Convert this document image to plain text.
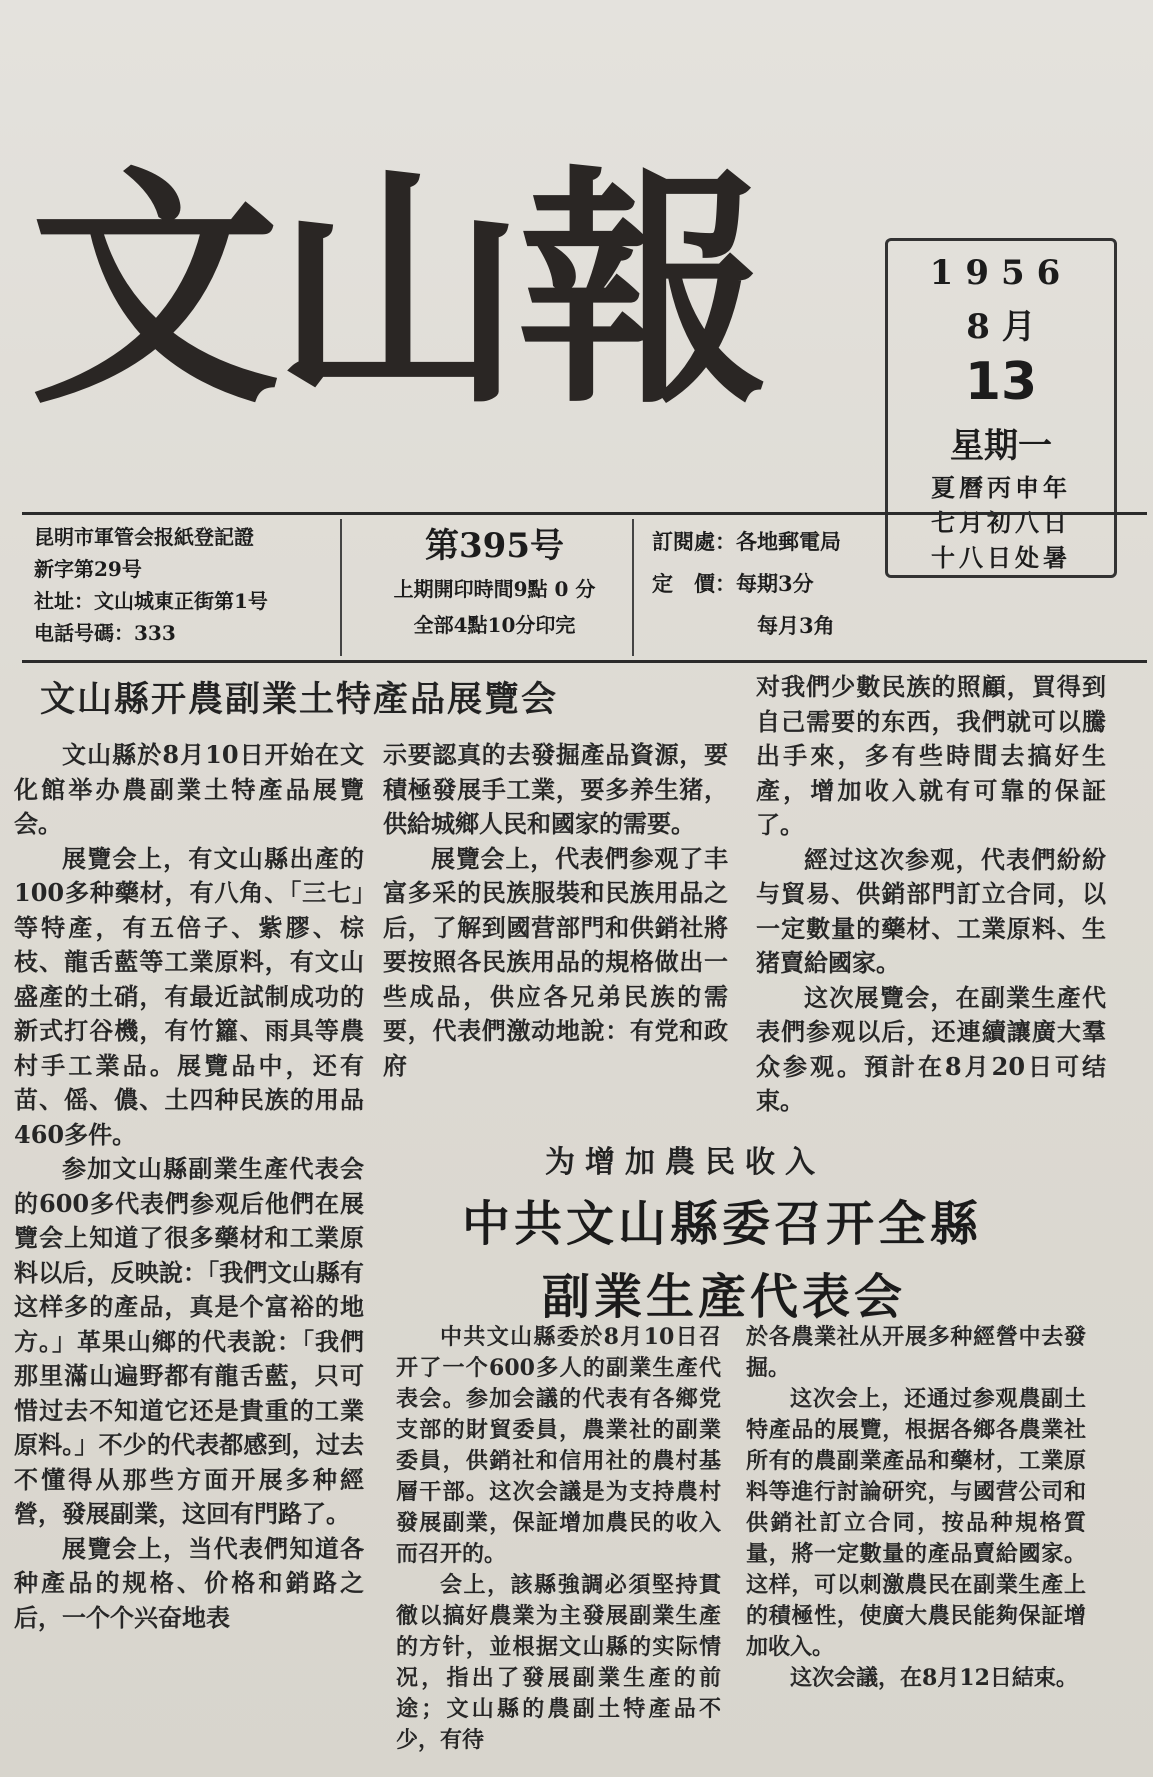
文山報	1956
8 月
13
星期一
夏曆丙申年
七月初八日
十八日处暑
昆明市軍管会报紙登記證
新字第29号
社址：文山城東正街第1号
电話号碼：333
第395号
上期開印時間9點 0 分
全部4點10分印完
訂閱處：各地郵電局
定　價：每期3分
每月3角
文山縣开農副業土特產品展覽会

文山縣於8月10日开始在文化館举办農副業土特產品展覽会。

展覽会上，有文山縣出產的100多种藥材，有八角、「三七」等特產，有五倍子、紫膠、棕枝、龍舌藍等工業原料，有文山盛產的土硝，有最近試制成功的新式打谷機，有竹籮、雨具等農村手工業品。展覽品中，还有苗、傜、儂、土四种民族的用品460多件。

参加文山縣副業生產代表会的600多代表們参观后他們在展覽会上知道了很多藥材和工業原料以后，反映說：「我們文山縣有这样多的產品，真是个富裕的地方。」革果山鄉的代表說：「我們那里滿山遍野都有龍舌藍，只可惜过去不知道它还是貴重的工業原料。」不少的代表都感到，过去不懂得从那些方面开展多种經營，發展副業，这回有門路了。

展覽会上，当代表們知道各种產品的规格、价格和銷路之后，一个个兴奋地表

示要認真的去發掘產品資源，要積極發展手工業，要多养生猪，供給城鄉人民和國家的需要。

展覽会上，代表們参观了丰富多采的民族服裝和民族用品之后，了解到國营部門和供銷社將要按照各民族用品的規格做出一些成品，供应各兄弟民族的需要，代表們激动地說：有党和政府

对我們少數民族的照顧，買得到自己需要的东西，我們就可以騰出手來，多有些時間去搞好生產，增加收入就有可靠的保証了。

經过这次参观，代表們紛紛与貿易、供銷部門訂立合同，以一定數量的藥材、工業原料、生猪賣給國家。

这次展覽会，在副業生產代表們参观以后，还連續讓廣大羣众参观。預計在8月20日可结束。

为增加農民收入
中共文山縣委召开全縣
副業生產代表会

中共文山縣委於8月10日召开了一个600多人的副業生產代表会。参加会議的代表有各鄉党支部的財貿委員，農業社的副業委員，供銷社和信用社的農村基層干部。这次会議是为支持農村發展副業，保証增加農民的收入而召开的。

会上，該縣強調必須堅持貫徹以搞好農業为主發展副業生產的方针，並根据文山縣的实际情况，指出了發展副業生產的前途；文山縣的農副土特產品不少，有待

於各農業社从开展多种經營中去發掘。

这次会上，还通过参观農副土特產品的展覽，根据各鄉各農業社所有的農副業產品和藥材，工業原料等進行討論研究，与國营公司和供銷社訂立合同，按品种規格質量，將一定數量的產品賣給國家。这样，可以刺激農民在副業生產上的積極性，使廣大農民能夠保証增加收入。

这次会議，在8月12日結束。
